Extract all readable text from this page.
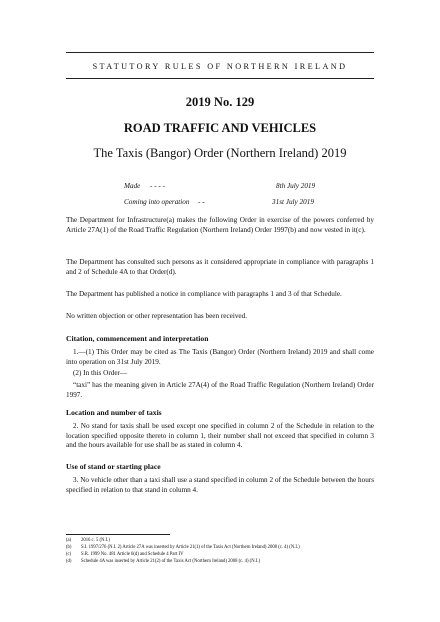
STATUTORY RULES OF NORTHERN IRELAND
2019 No. 129
ROAD TRAFFIC AND VEHICLES
The Taxis (Bangor) Order (Northern Ireland) 2019
Made - - - -	8th July 2019
Coming into operation - -	31st July 2019
The Department for Infrastructure(a) makes the following Order in exercise of the powers conferred by Article 27A(1) of the Road Traffic Regulation (Northern Ireland) Order 1997(b) and now vested in it(c).
The Department has consulted such persons as it considered appropriate in compliance with paragraphs 1 and 2 of Schedule 4A to that Order(d).
The Department has published a notice in compliance with paragraphs 1 and 3 of that Schedule.
No written objection or other representation has been received.
Citation, commencement and interpretation
1.—(1) This Order may be cited as The Taxis (Bangor) Order (Northern Ireland) 2019 and shall come into operation on 31st July 2019.
(2) In this Order—
“taxi” has the meaning given in Article 27A(4) of the Road Traffic Regulation (Northern Ireland) Order 1997.
Location and number of taxis
2. No stand for taxis shall be used except one specified in column 2 of the Schedule in relation to the location specified opposite thereto in column 1, their number shall not exceed that specified in column 3 and the hours available for use shall be as stated in column 4.
Use of stand or starting place
3. No vehicle other than a taxi shall use a stand specified in column 2 of the Schedule between the hours specified in relation to that stand in column 4.
(a) 2016 c. 5 (N.I.)
(b) S.I. 1997/276 (N.I. 2) Article 27A was inserted by Article 21(1) of the Taxis Act (Northern Ireland) 2008 (c. 4) (N.I.)
(c) S.R. 1999 No. 481 Article 6(d) and Schedule 4 Part IV
(d) Schedule 4A was inserted by Article 21(2) of the Taxis Act (Northern Ireland) 2008 (c. 4) (N.I.)
